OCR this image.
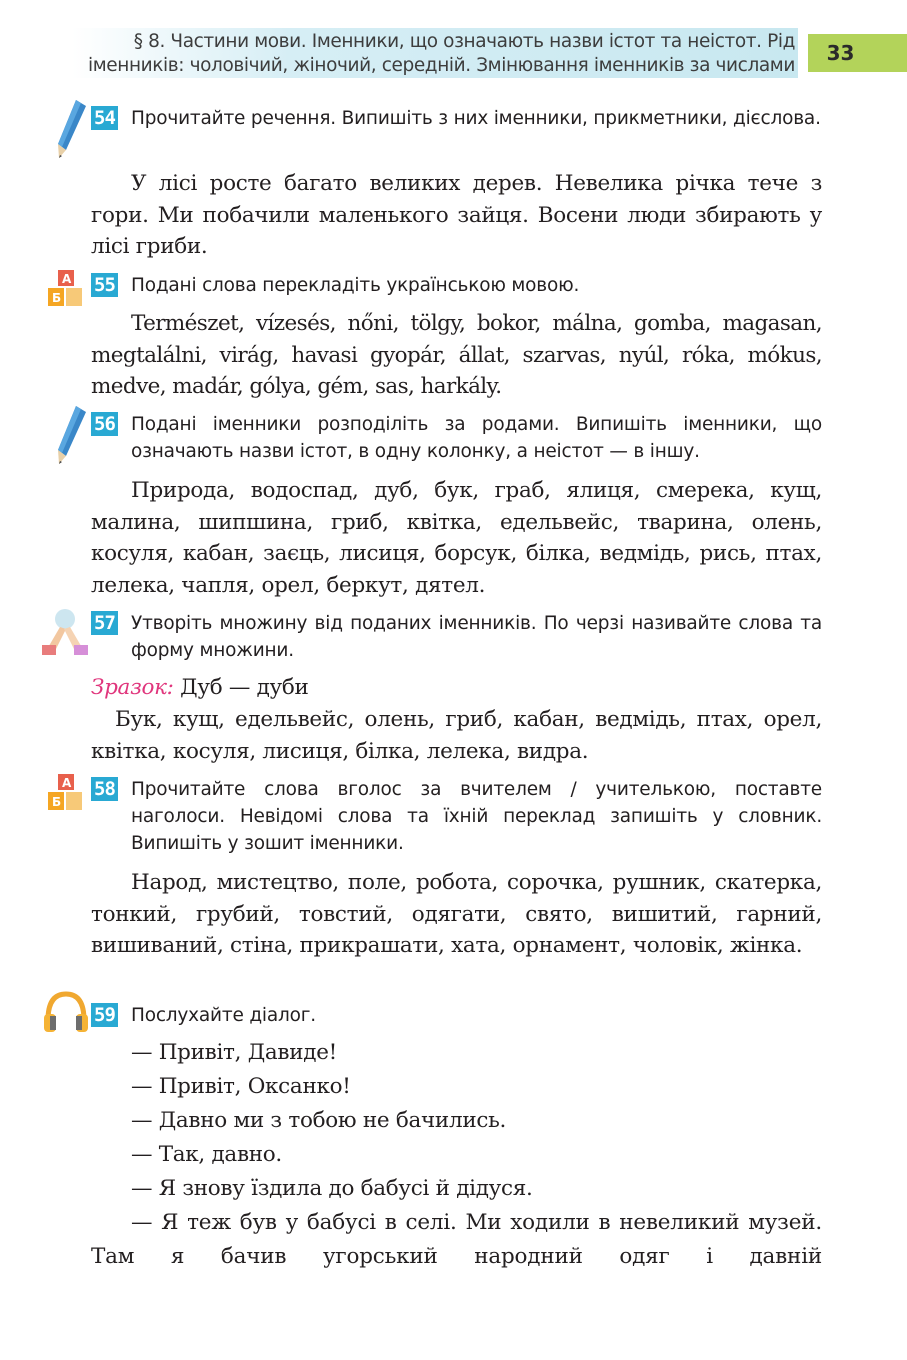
§ 8. Частини мови. Іменники, що означають назви істот та неістот. Рід
іменників: чоловічий, жіночий, середній. Змінювання іменників за числами
33
54 Прочитайте речення. Випишіть з них іменники, прикметники, дієслова.
У лісі росте багато великих дерев. Невелика річка тече з гори. Ми побачили маленького зайця. Восени люди збирають у лісі гриби.
А
Б
55 Подані слова перекладіть українською мовою.
Természet, vízesés, nőni, tölgy, bokor, málna, gomba, magasan, megtalálni, virág, havasi gyopár, állat, szarvas, nyúl, róka, mókus, medve, madár, gólya, gém, sas, harkály.
56 Подані іменники розподіліть за родами. Випишіть іменники, що означають назви істот, в одну колонку, а неістот — в іншу.
Природа, водоспад, дуб, бук, граб, ялиця, смерека, кущ, малина, шипшина, гриб, квітка, едельвейс, тварина, олень, косуля, кабан, заєць, лисиця, борсук, білка, ведмідь, рись, птах, лелека, чапля, орел, беркут, дятел.
57 Утворіть множину від поданих іменників. По черзі називайте слова та форму множини.
Зразок: Дуб — дуби
Бук, кущ, едельвейс, олень, гриб, кабан, ведмідь, птах, орел, квітка, косуля, лисиця, білка, лелека, видра.
А
Б
58 Прочитайте слова вголос за вчителем / учителькою, поставте наголоси. Невідомі слова та їхній переклад запишіть у словник. Випишіть у зошит іменники.
Народ, мистецтво, поле, робота, сорочка, рушник, скатерка, тонкий, грубий, товстий, одягати, свято, вишитий, гарний, вишиваний, стіна, прикрашати, хата, орнамент, чоловік, жінка.
59 Послухайте діалог.
— Привіт, Давиде!
— Привіт, Оксанко!
— Давно ми з тобою не бачились.
— Так, давно.
— Я знову їздила до бабусі й дідуся.
— Я теж був у бабусі в селі. Ми ходили в невеликий музей. Там я бачив угорський народний одяг і давній
